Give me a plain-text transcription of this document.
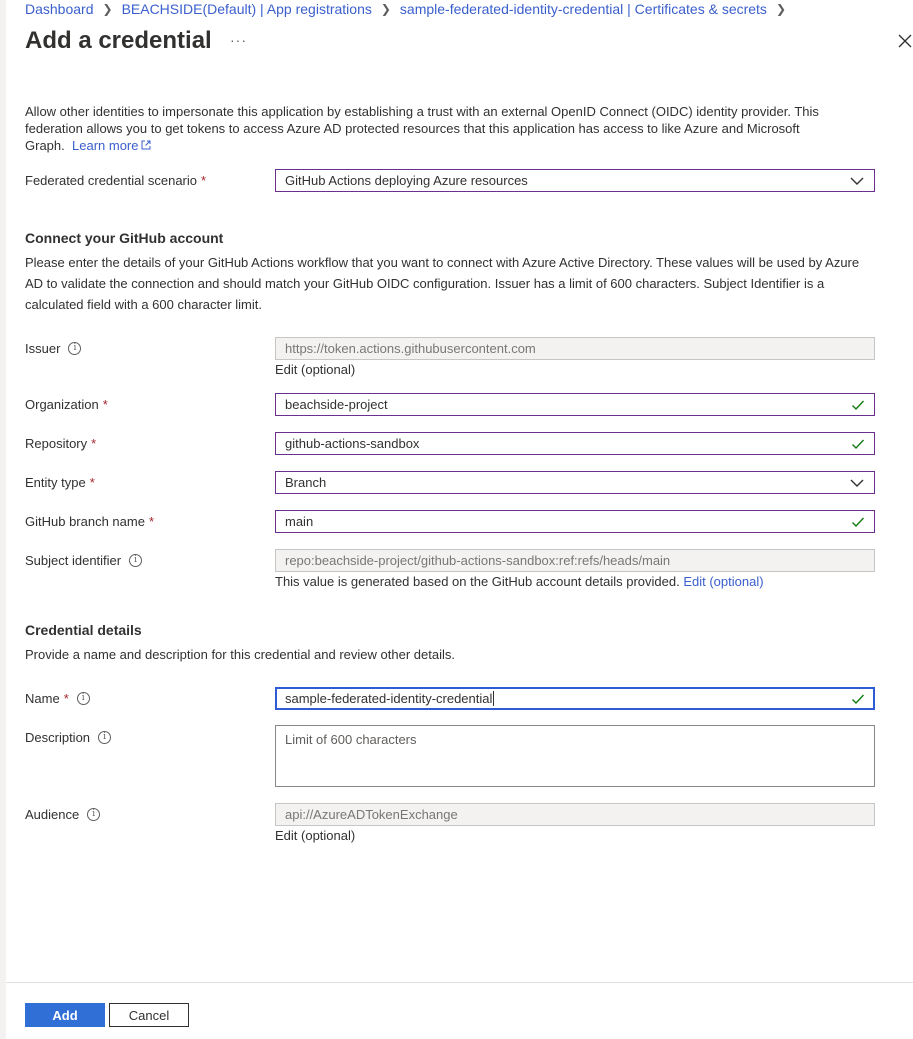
Dashboard ❯ BEACHSIDE(Default) | App registrations ❯ sample-federated-identity-credential | Certificates & secrets ❯
Add a credential ···
Allow other identities to impersonate this application by establishing a trust with an external OpenID Connect (OIDC) identity provider. This federation allows you to get tokens to access Azure AD protected resources that this application has access to like Azure and Microsoft Graph. Learn more
Federated credential scenario *	GitHub Actions deploying Azure resources
Connect your GitHub account
Please enter the details of your GitHub Actions workflow that you want to connect with Azure Active Directory. These values will be used by Azure AD to validate the connection and should match your GitHub OIDC configuration. Issuer has a limit of 600 characters. Subject Identifier is a calculated field with a 600 character limit.
Issuer	i	https://token.actions.githubusercontent.com
Edit (optional)
Organization *	beachside-project
Repository *	github-actions-sandbox
Entity type *	Branch
GitHub branch name *	main
Subject identifier	i	repo:beachside-project/github-actions-sandbox:ref:refs/heads/main
This value is generated based on the GitHub account details provided. Edit (optional)
Credential details
Provide a name and description for this credential and review other details.
Name *	i	sample-federated-identity-credential
Description	i	Limit of 600 characters
Audience	i	api://AzureADTokenExchange
Edit (optional)
Add	Cancel
